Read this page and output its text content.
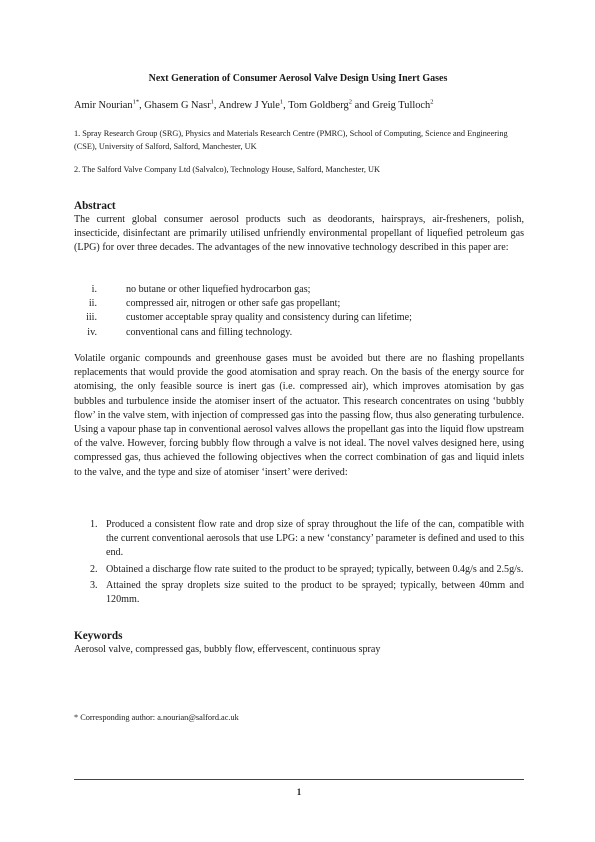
Next Generation of Consumer Aerosol Valve Design Using Inert Gases
Amir Nourian$^{1*}$, Ghasem G Nasr$^1$, Andrew J Yule$^1$, Tom Goldberg$^2$ and Greig Tulloch$^2$
1. Spray Research Group (SRG), Physics and Materials Research Centre (PMRC), School of Computing, Science and Engineering (CSE), University of Salford, Salford, Manchester, UK
2. The Salford Valve Company Ltd (Salvalco), Technology House, Salford, Manchester, UK
Abstract
The current global consumer aerosol products such as deodorants, hairsprays, air-fresheners, polish, insecticide, disinfectant are primarily utilised unfriendly environmental propellant of liquefied petroleum gas (LPG) for over three decades. The advantages of the new innovative technology described in this paper are:
i.	no butane or other liquefied hydrocarbon gas;
ii.	compressed air, nitrogen or other safe gas propellant;
iii.	customer acceptable spray quality and consistency during can lifetime;
iv.	conventional cans and filling technology.
Volatile organic compounds and greenhouse gases must be avoided but there are no flashing propellants replacements that would provide the good atomisation and spray reach. On the basis of the energy source for atomising, the only feasible source is inert gas (i.e. compressed air), which improves atomisation by gas bubbles and turbulence inside the atomiser insert of the actuator. This research concentrates on using ‘bubbly flow’ in the valve stem, with injection of compressed gas into the passing flow, thus also generating turbulence. Using a vapour phase tap in conventional aerosol valves allows the propellant gas into the liquid flow upstream of the valve. However, forcing bubbly flow through a valve is not ideal. The novel valves designed here, using compressed gas, thus achieved the following objectives when the correct combination of gas and liquid inlets to the valve, and the type and size of atomiser ‘insert’ were derived:
1. Produced a consistent flow rate and drop size of spray throughout the life of the can, compatible with the current conventional aerosols that use LPG: a new ‘constancy’ parameter is defined and used to this end.
2. Obtained a discharge flow rate suited to the product to be sprayed; typically, between 0.4g/s and 2.5g/s.
3. Attained the spray droplets size suited to the product to be sprayed; typically, between 40mm and 120mm.
Keywords
Aerosol valve, compressed gas, bubbly flow, effervescent, continuous spray
* Corresponding author: a.nourian@salford.ac.uk
1
